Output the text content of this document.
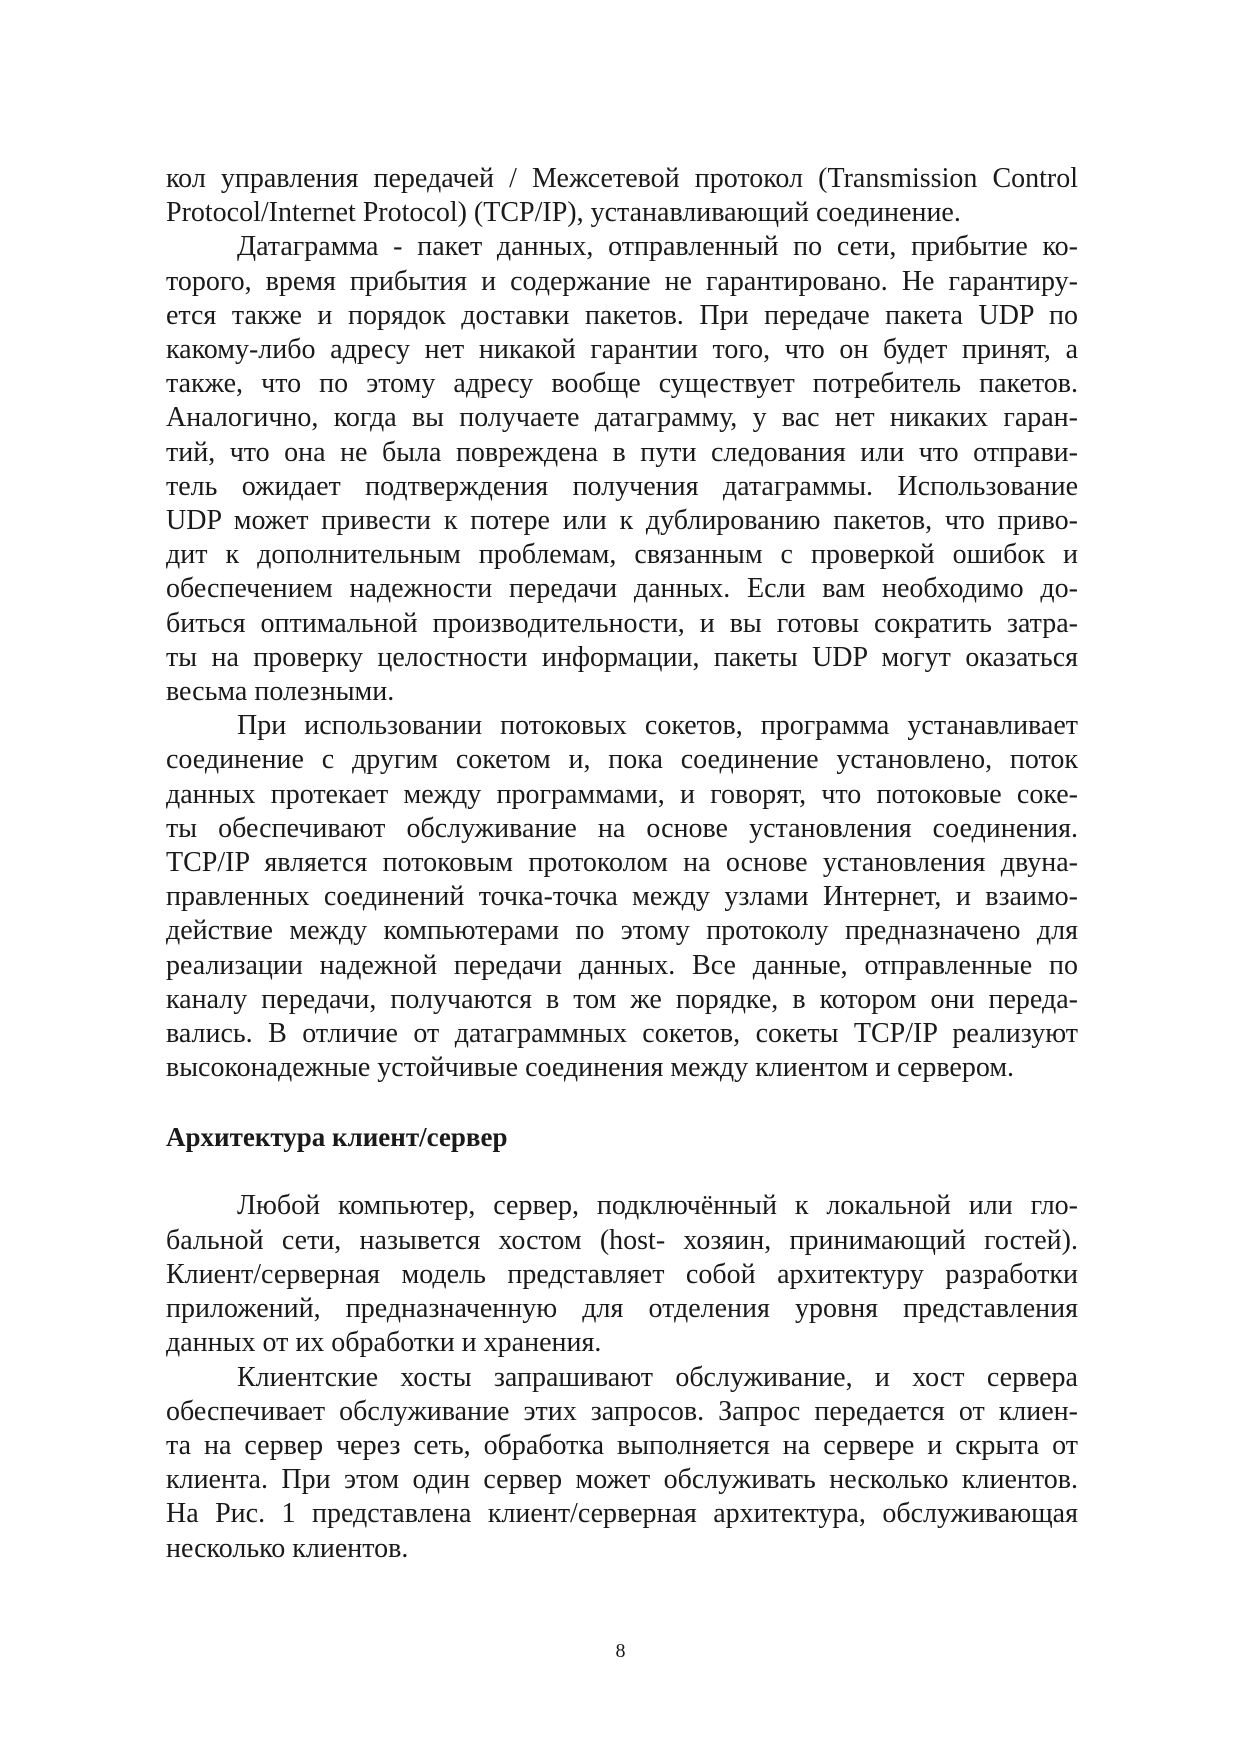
кол управления передачей / Межсетевой протокол (Transmission Control
Protocol/Internet Protocol) (TCP/IP), устанавливающий соединение.

Датаграмма - пакет данных, отправленный по сети, прибытие ко-
торого, время прибытия и содержание не гарантировано. Не гарантиру-
ется также и порядок доставки пакетов. При передаче пакета UDP по
какому-либо адресу нет никакой гарантии того, что он будет принят, а
также, что по этому адресу вообще существует потребитель пакетов.
Аналогично, когда вы получаете датаграмму, у вас нет никаких гаран-
тий, что она не была повреждена в пути следования или что отправи-
тель ожидает подтверждения получения датаграммы. Использование
UDP может привести к потере или к дублированию пакетов, что приво-
дит к дополнительным проблемам, связанным с проверкой ошибок и
обеспечением надежности передачи данных. Если вам необходимо до-
биться оптимальной производительности, и вы готовы сократить затра-
ты на проверку целостности информации, пакеты UDP могут оказаться
весьма полезными.

При использовании потоковых сокетов, программа устанавливает
соединение с другим сокетом и, пока соединение установлено, поток
данных протекает между программами, и говорят, что потоковые соке-
ты обеспечивают обслуживание на основе установления соединения.
TCP/IP является потоковым протоколом на основе установления двуна-
правленных соединений точка-точка между узлами Интернет, и взаимо-
действие между компьютерами по этому протоколу предназначено для
реализации надежной передачи данных. Все данные, отправленные по
каналу передачи, получаются в том же порядке, в котором они переда-
вались. В отличие от датаграммных сокетов, сокеты TCP/IP реализуют
высоконадежные устойчивые соединения между клиентом и сервером.

Архитектура клиент/сервер

Любой компьютер, сервер, подключённый к локальной или гло-
бальной сети, назывется хостом (host- хозяин, принимающий гостей).
Клиент/серверная модель представляет собой архитектуру разработки
приложений, предназначенную для отделения уровня представления
данных от их обработки и хранения.

Клиентские хосты запрашивают обслуживание, и хост сервера
обеспечивает обслуживание этих запросов. Запрос передается от клиен-
та на сервер через сеть, обработка выполняется на сервере и скрыта от
клиента. При этом один сервер может обслуживать несколько клиентов.
На Рис. 1 представлена клиент/серверная архитектура, обслуживающая
несколько клиентов.

8
